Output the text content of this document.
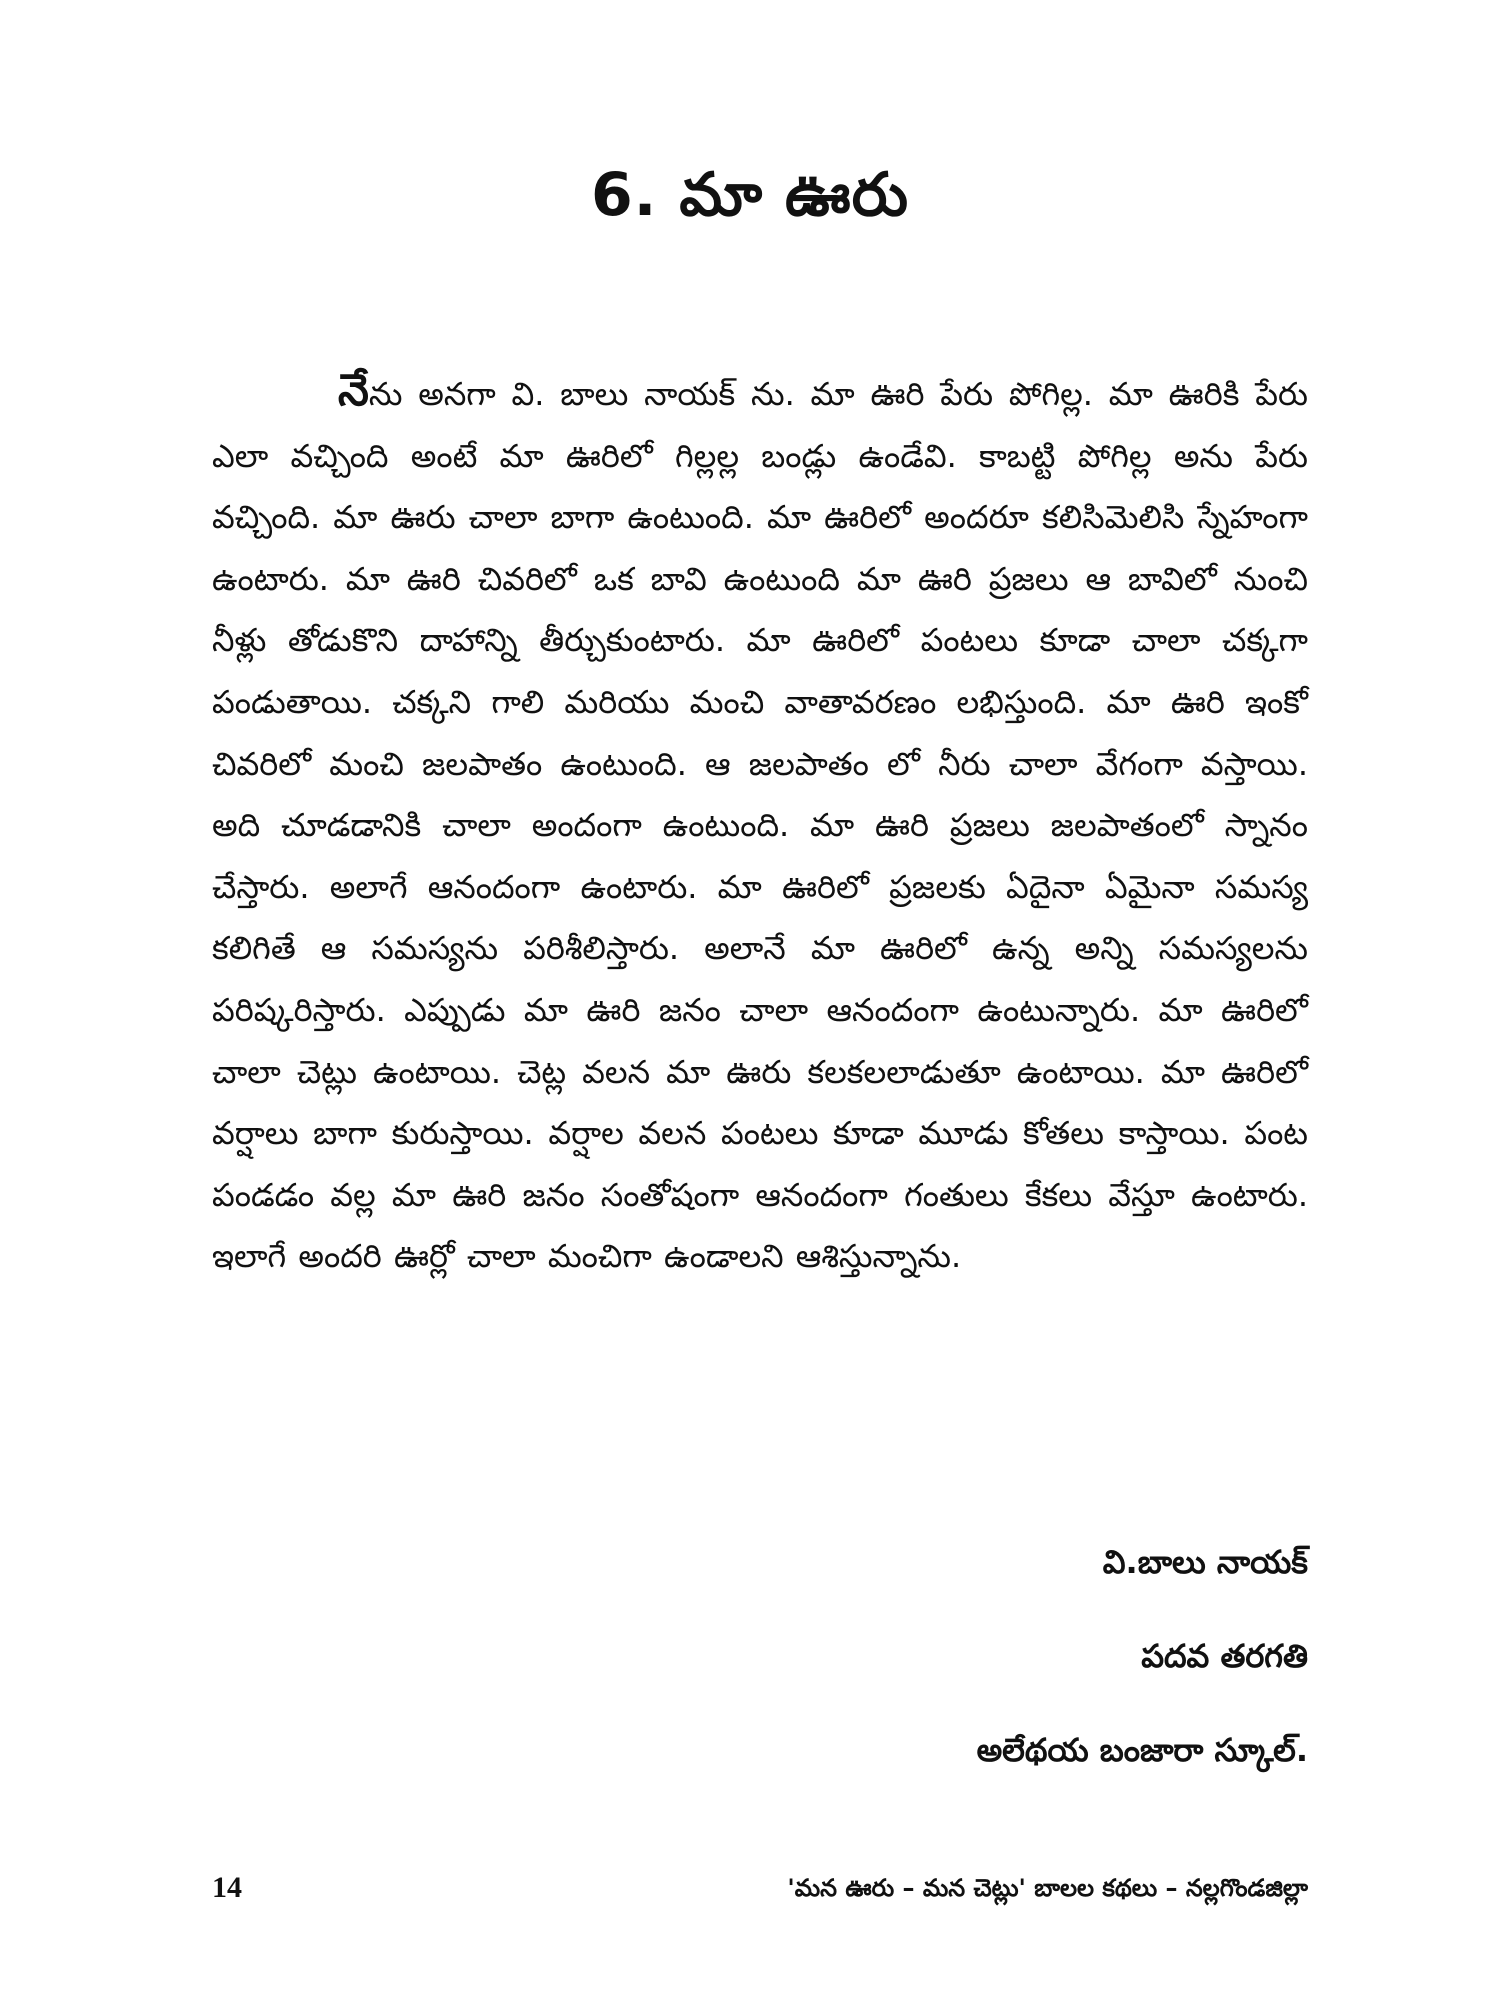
6. మా ఊరు

నేను అనగా వి. బాలు నాయక్ ను. మా ఊరి పేరు పోగిల్ల. మా ఊరికి పేరు ఎలా వచ్చింది అంటే మా ఊరిలో గిల్లల్ల బండ్లు ఉండేవి. కాబట్టి పోగిల్ల అను పేరు వచ్చింది. మా ఊరు చాలా బాగా ఉంటుంది. మా ఊరిలో అందరూ కలిసిమెలిసి స్నేహంగా ఉంటారు. మా ఊరి చివరిలో ఒక బావి ఉంటుంది మా ఊరి ప్రజలు ఆ బావిలో నుంచి నీళ్లు తోడుకొని దాహాన్ని తీర్చుకుంటారు. మా ఊరిలో పంటలు కూడా చాలా చక్కగా పండుతాయి. చక్కని గాలి మరియు మంచి వాతావరణం లభిస్తుంది. మా ఊరి ఇంకో చివరిలో మంచి జలపాతం ఉంటుంది. ఆ జలపాతం లో నీరు చాలా వేగంగా వస్తాయి. అది చూడడానికి చాలా అందంగా ఉంటుంది. మా ఊరి ప్రజలు జలపాతంలో స్నానం చేస్తారు. అలాగే ఆనందంగా ఉంటారు. మా ఊరిలో ప్రజలకు ఏదైనా ఏమైనా సమస్య కలిగితే ఆ సమస్యను పరిశీలిస్తారు. అలానే మా ఊరిలో ఉన్న అన్ని సమస్యలను పరిష్కరిస్తారు. ఎప్పుడు మా ఊరి జనం చాలా ఆనందంగా ఉంటున్నారు. మా ఊరిలో చాలా చెట్లు ఉంటాయి. చెట్ల వలన మా ఊరు కలకలలాడుతూ ఉంటాయి. మా ఊరిలో వర్షాలు బాగా కురుస్తాయి. వర్షాల వలన పంటలు కూడా మూడు కోతలు కాస్తాయి. పంట పండడం వల్ల మా ఊరి జనం సంతోషంగా ఆనందంగా గంతులు కేకలు వేస్తూ ఉంటారు. ఇలాగే అందరి ఊర్లో చాలా మంచిగా ఉండాలని ఆశిస్తున్నాను.

వి.బాలు నాయక్
పదవ తరగతి
అలేథయ బంజారా స్కూల్.
14	'మన ఊరు – మన చెట్లు' బాలల కథలు – నల్లగొండజిల్లా
